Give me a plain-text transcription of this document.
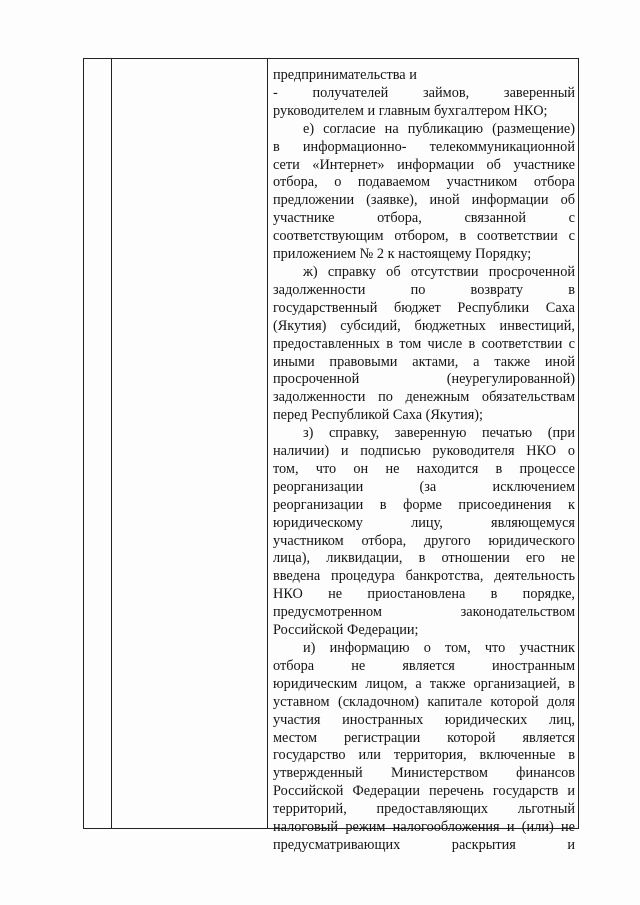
предпринимательства и
- получателей займов, заверенный
руководителем и главным бухгалтером НКО;
е) согласие на публикацию (размещение)
в информационно- телекоммуникационной
сети «Интернет» информации об участнике
отбора, о подаваемом участником отбора
предложении (заявке), иной информации об
участнике отбора, связанной с
соответствующим отбором, в соответствии с
приложением № 2 к настоящему Порядку;
ж) справку об отсутствии просроченной
задолженности по возврату в
государственный бюджет Республики Саха
(Якутия) субсидий, бюджетных инвестиций,
предоставленных в том числе в соответствии с
иными правовыми актами, а также иной
просроченной (неурегулированной)
задолженности по денежным обязательствам
перед Республикой Саха (Якутия);
з) справку, заверенную печатью (при
наличии) и подписью руководителя НКО о
том, что он не находится в процессе
реорганизации (за исключением
реорганизации в форме присоединения к
юридическому лицу, являющемуся
участником отбора, другого юридического
лица), ликвидации, в отношении его не
введена процедура банкротства, деятельность
НКО не приостановлена в порядке,
предусмотренном законодательством
Российской Федерации;
и) информацию о том, что участник
отбора не является иностранным
юридическим лицом, а также организацией, в
уставном (складочном) капитале которой доля
участия иностранных юридических лиц,
местом регистрации которой является
государство или территория, включенные в
утвержденный Министерством финансов
Российской Федерации перечень государств и
территорий, предоставляющих льготный
налоговый режим налогообложения и (или) не
предусматривающих раскрытия и
